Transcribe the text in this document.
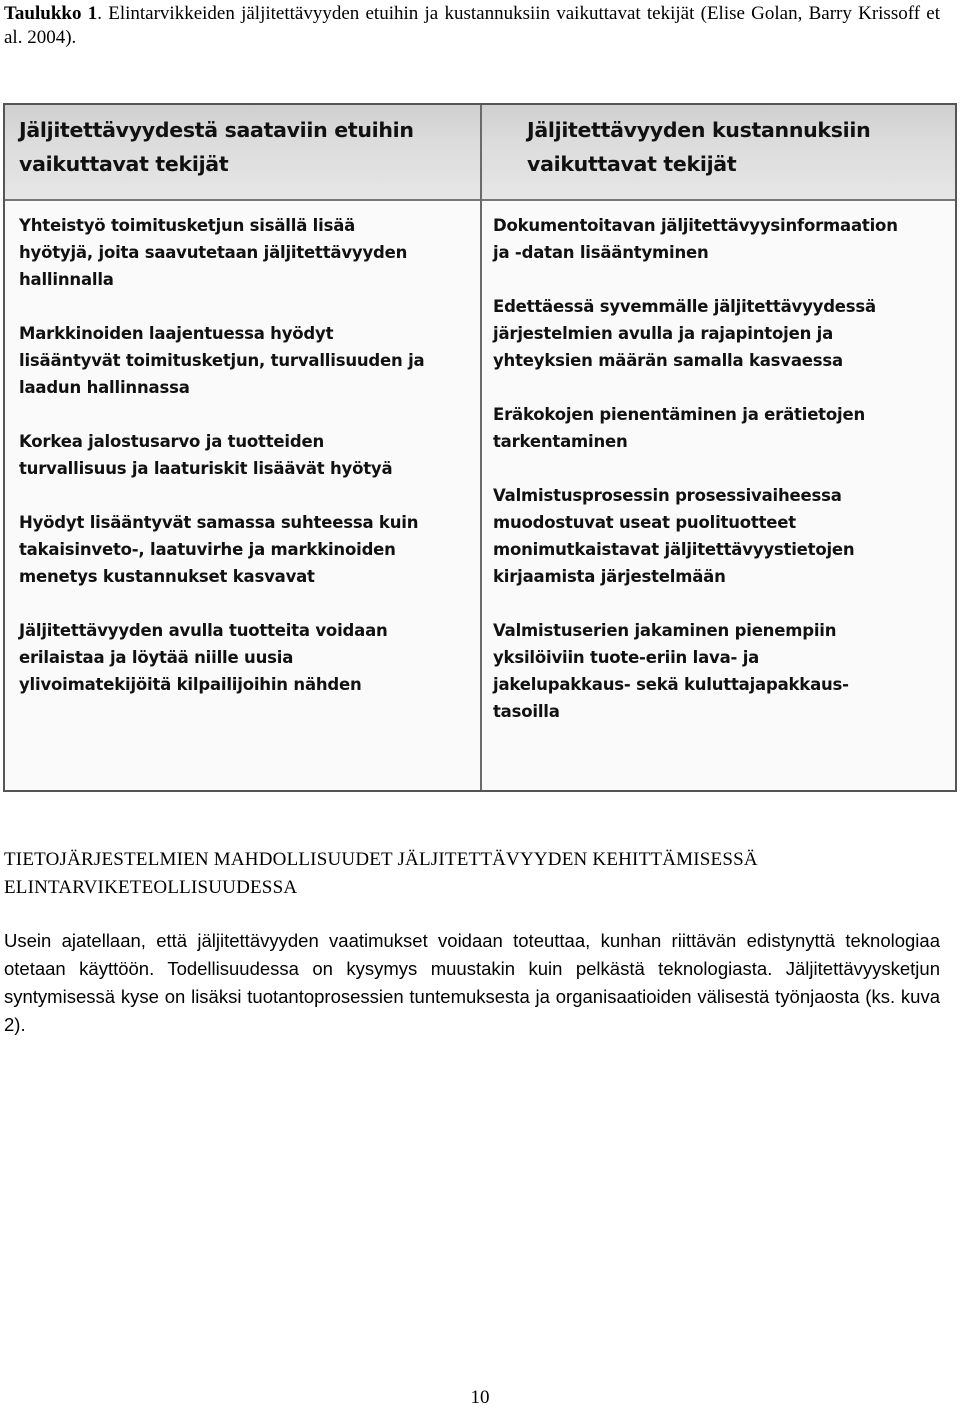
Taulukko 1. Elintarvikkeiden jäljitettävyyden etuihin ja kustannuksiin vaikuttavat tekijät (Elise Golan, Barry Krissoff et al. 2004).
Jäljitettävyydestä saataviin etuihin
vaikuttavat tekijät
Jäljitettävyyden kustannuksiin
vaikuttavat tekijät

Yhteistyö toimitusketjun sisällä lisää
hyötyjä, joita saavutetaan jäljitettävyyden
hallinnalla

Markkinoiden laajentuessa hyödyt
lisääntyvät toimitusketjun, turvallisuuden ja
laadun hallinnassa

Korkea jalostusarvo ja tuotteiden
turvallisuus ja laaturiskit lisäävät hyötyä

Hyödyt lisääntyvät samassa suhteessa kuin
takaisinveto-, laatuvirhe ja markkinoiden
menetys kustannukset kasvavat

Jäljitettävyyden avulla tuotteita voidaan
erilaistaa ja löytää niille uusia
ylivoimatekijöitä kilpailijoihin nähden

Dokumentoitavan jäljitettävyysinformaation
ja -datan lisääntyminen

Edettäessä syvemmälle jäljitettävyydessä
järjestelmien avulla ja rajapintojen ja
yhteyksien määrän samalla kasvaessa

Eräkokojen pienentäminen ja erätietojen
tarkentaminen

Valmistusprosessin prosessivaiheessa
muodostuvat useat puolituotteet
monimutkaistavat jäljitettävyystietojen
kirjaamista järjestelmään

Valmistuserien jakaminen pienempiin
yksilöiviin tuote-eriin lava- ja
jakelupakkaus- sekä kuluttajapakkaus-
tasoilla

TIETOJÄRJESTELMIEN MAHDOLLISUUDET JÄLJITETTÄVYYDEN KEHITTÄMISESSÄ ELINTARVIKETEOLLISUUDESSA
Usein ajatellaan, että jäljitettävyyden vaatimukset voidaan toteuttaa, kunhan riittävän edistynyttä teknologiaa otetaan käyttöön. Todellisuudessa on kysymys muustakin kuin pelkästä teknologiasta. Jäljitettävyysketjun syntymisessä kyse on lisäksi tuotantoprosessien tuntemuksesta ja organisaatioiden välisestä työnjaosta (ks. kuva 2).
10
